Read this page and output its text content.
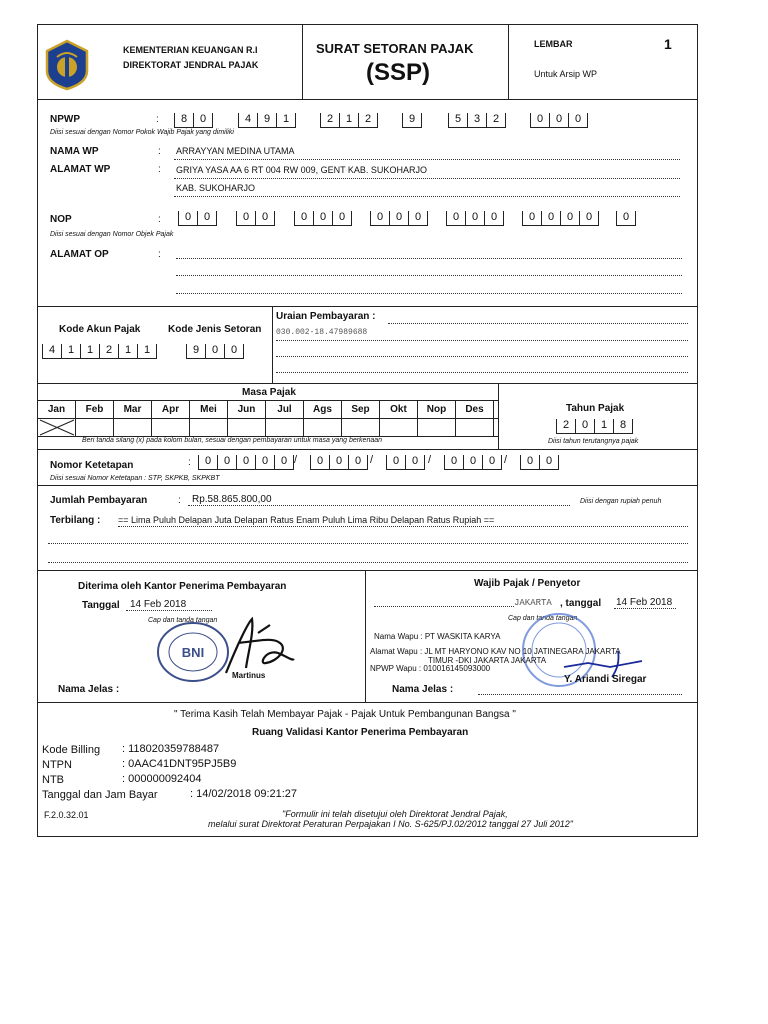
KEMENTERIAN KEUANGAN R.I
DIREKTORAT JENDRAL PAJAK
SURAT SETORAN PAJAK
(SSP)
LEMBAR	1
Untuk Arsip WP
NPWP	:	8	0	4	9	1	2	1	2	9	5	3	2	0	0	0
Diisi sesuai dengan Nomor Pokok Wajib Pajak yang dimiliki
NAMA WP	: ARRAYYAN MEDINA UTAMA
ALAMAT WP	: GRIYA YASA AA 6 RT 004 RW 009, GENT KAB. SUKOHARJO
KAB. SUKOHARJO
NOP	:	0	0	0	0	0	0	0	0	0	0	0	0	0	0	0	0	0	0
Diisi sesuai dengan Nomor Objek Pajak
ALAMAT OP	:
Kode Akun Pajak	Kode Jenis Setoran
4	1	1	2	1	1	9	0	0
Uraian Pembayaran :
030.002-18.47989688
Masa Pajak
Jan	Feb	Mar	Apr	Mei	Jun	Jul	Ags	Sep	Okt	Nop	Des
Beri tanda silang (x) pada kolom bulan, sesuai dengan pembayaran untuk masa yang berkenaan
Tahun Pajak
2	0	1	8
Diisi tahun terutangnya pajak
Nomor Ketetapan	:	0	0	0	0	0 /	0	0	0 /	0	0 /	0	0	0 /	0	0
Diisi sesuai Nomor Ketetapan : STP, SKPKB, SKPKBT
Jumlah Pembayaran	: Rp.58.865.800,00	Diisi dengan rupiah penuh
Terbilang : == Lima Puluh Delapan Juta Delapan Ratus Enam Puluh Lima Ribu Delapan Ratus Rupiah ==
Diterima oleh Kantor Penerima Pembayaran
Tanggal 14 Feb 2018
Cap dan tanda tangan
BNI
Martinus
Nama Jelas :
Wajib Pajak / Penyetor
JAKARTA , tanggal 14 Feb 2018
Cap dan tanda tangan
Nama Wapu : PT WASKITA KARYA
Alamat Wapu : JL MT HARYONO KAV NO 10 JATINEGARA JAKARTA
TIMUR -DKI JAKARTA JAKARTA
NPWP Wapu : 010016145093000
Y. Ariandi Siregar
Nama Jelas :
" Terima Kasih Telah Membayar Pajak - Pajak Untuk Pembangunan Bangsa "
Ruang Validasi Kantor Penerima Pembayaran
Kode Billing : 118020359788487
NTPN	: 0AAC41DNT95PJ5B9
NTB	: 000000092404
Tanggal dan Jam Bayar	: 14/02/2018 09:21:27
F.2.0.32.01	"Formulir ini telah disetujui oleh Direktorat Jendral Pajak,
melalui surat Direktorat Peraturan Perpajakan I No. S-625/PJ.02/2012 tanggal 27 Juli 2012"
